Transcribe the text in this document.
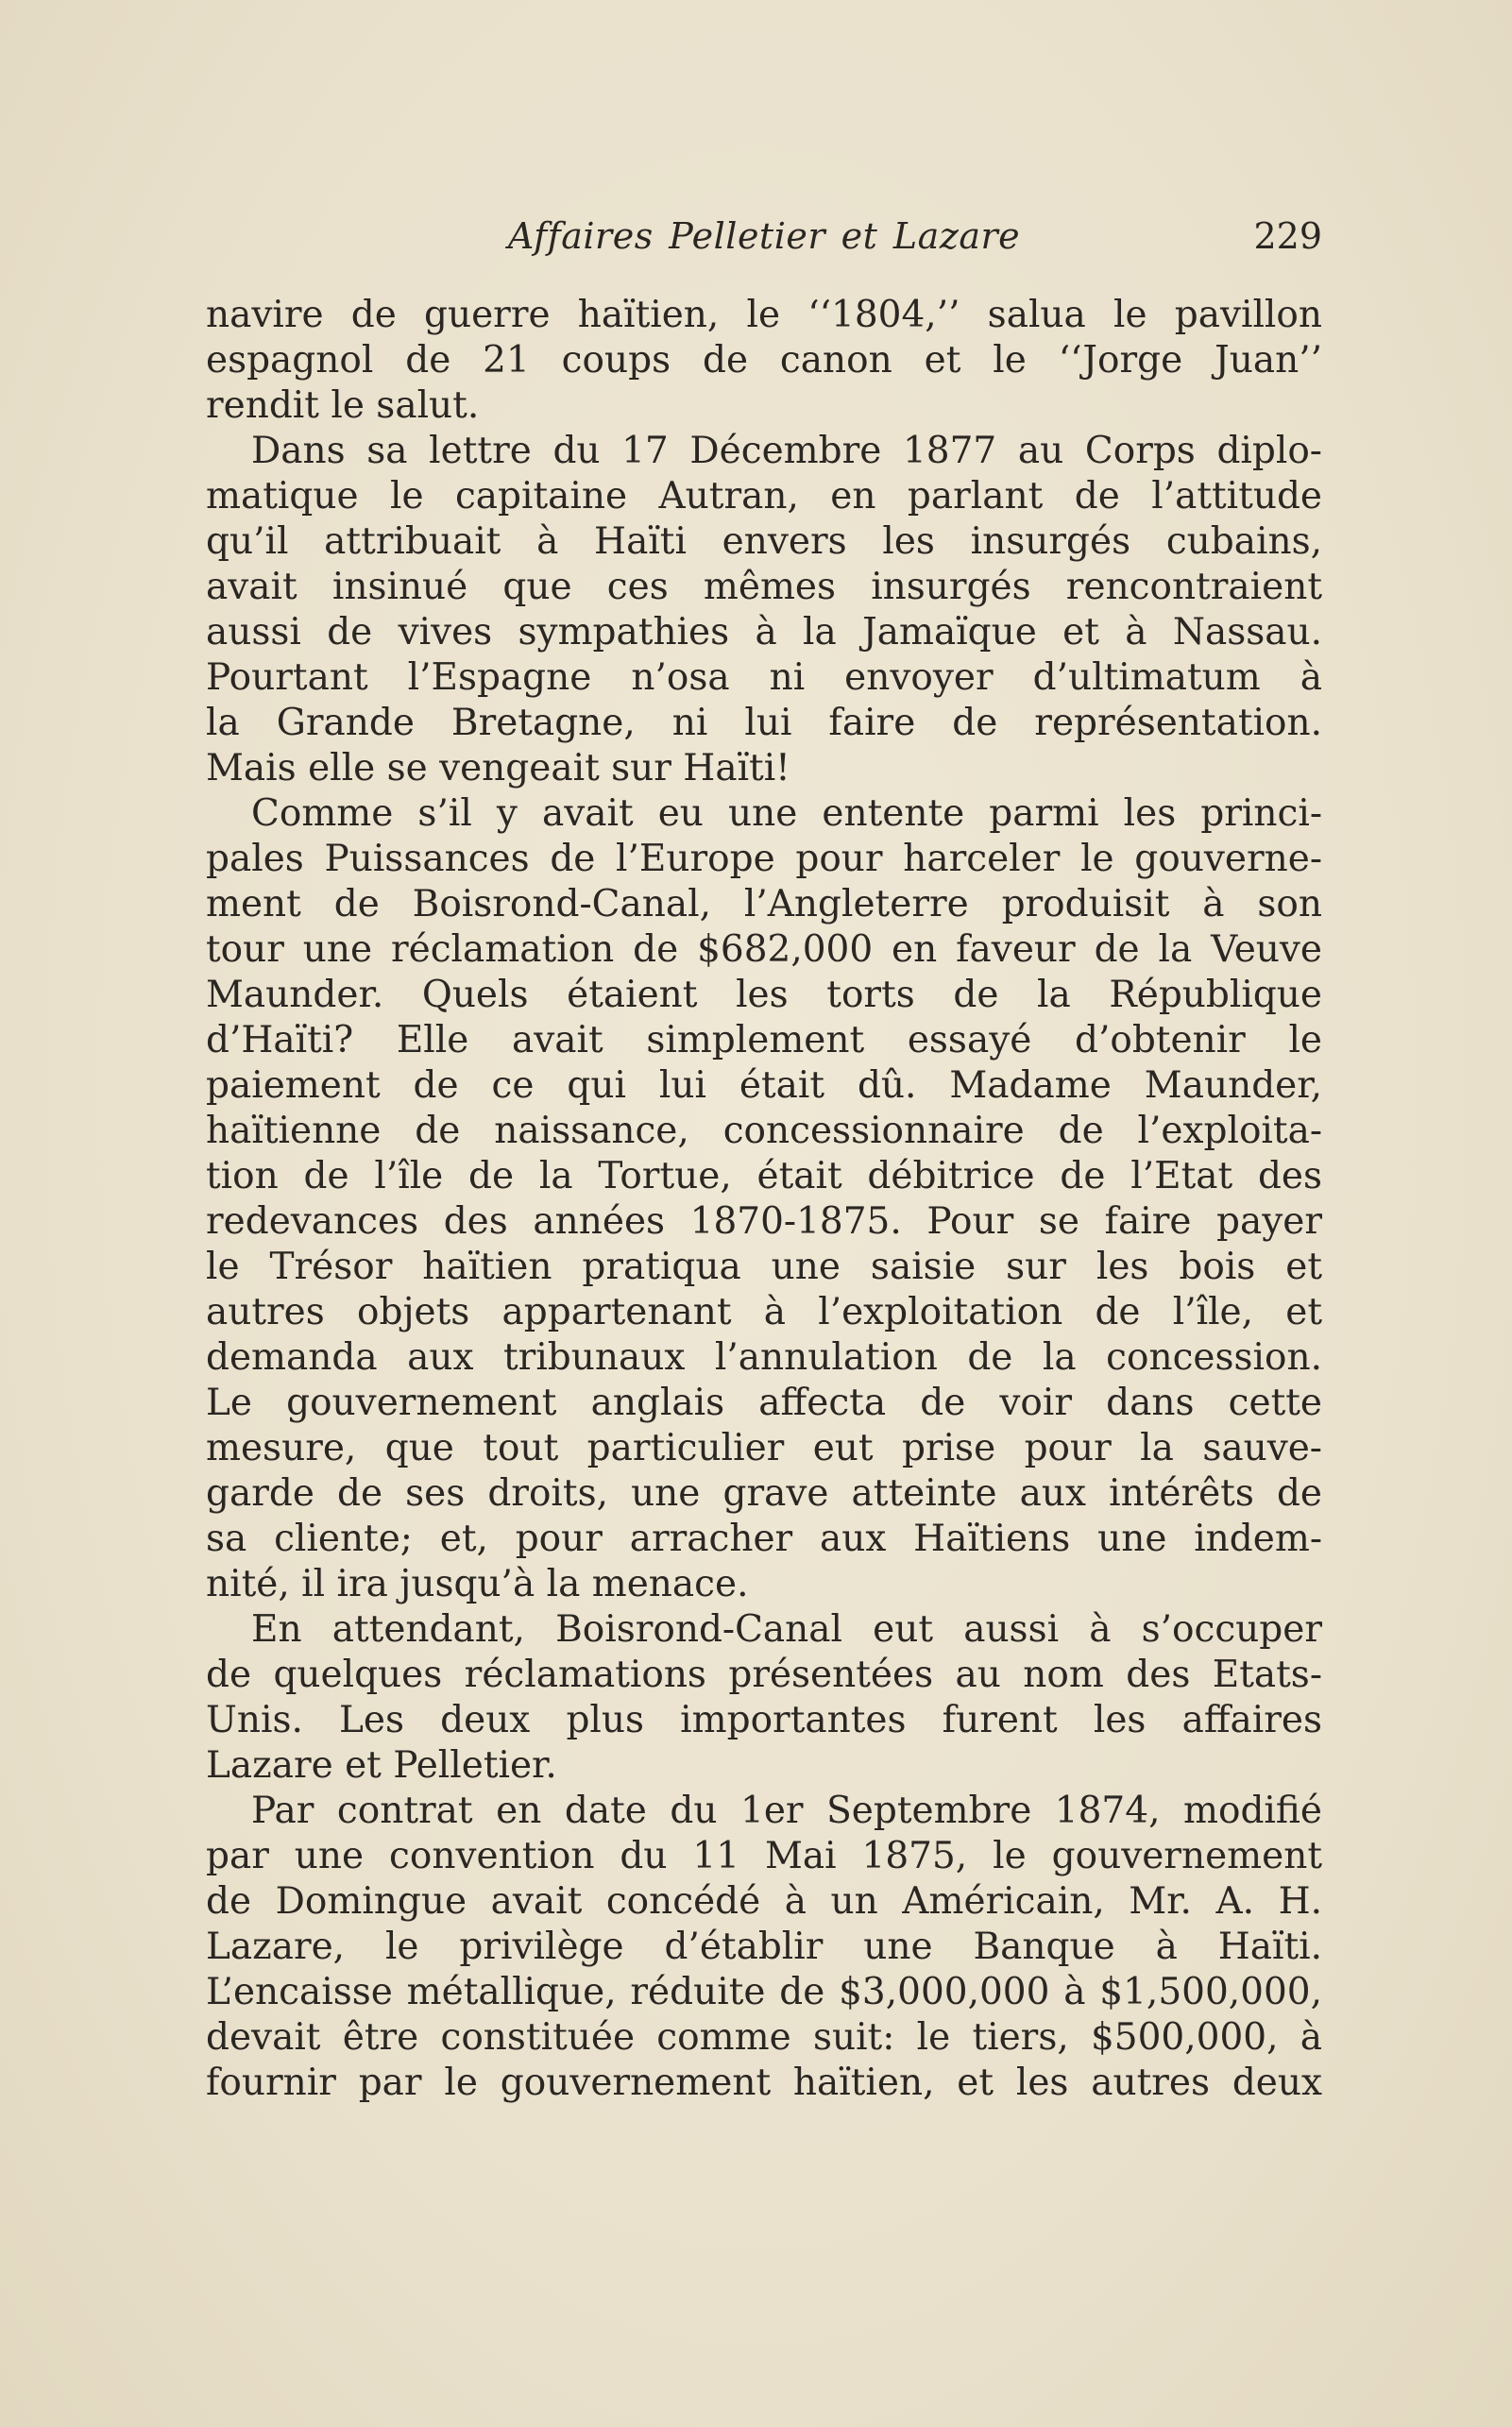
Affaires Pelletier et Lazare	229
navire de guerre haïtien, le ‘‘1804,’’ salua le pavillon
espagnol de 21 coups de canon et le ‘‘Jorge Juan’’
rendit le salut.
Dans sa lettre du 17 Décembre 1877 au Corps diplo-
matique le capitaine Autran, en parlant de l’attitude
qu’il attribuait à Haïti envers les insurgés cubains,
avait insinué que ces mêmes insurgés rencontraient
aussi de vives sympathies à la Jamaïque et à Nassau.
Pourtant l’Espagne n’osa ni envoyer d’ultimatum à
la Grande Bretagne, ni lui faire de représentation.
Mais elle se vengeait sur Haïti!
Comme s’il y avait eu une entente parmi les princi-
pales Puissances de l’Europe pour harceler le gouverne-
ment de Boisrond-Canal, l’Angleterre produisit à son
tour une réclamation de $682,000 en faveur de la Veuve
Maunder. Quels étaient les torts de la République
d’Haïti? Elle avait simplement essayé d’obtenir le
paiement de ce qui lui était dû. Madame Maunder,
haïtienne de naissance, concessionnaire de l’exploita-
tion de l’île de la Tortue, était débitrice de l’Etat des
redevances des années 1870-1875. Pour se faire payer
le Trésor haïtien pratiqua une saisie sur les bois et
autres objets appartenant à l’exploitation de l’île, et
demanda aux tribunaux l’annulation de la concession.
Le gouvernement anglais affecta de voir dans cette
mesure, que tout particulier eut prise pour la sauve-
garde de ses droits, une grave atteinte aux intérêts de
sa cliente; et, pour arracher aux Haïtiens une indem-
nité, il ira jusqu’à la menace.
En attendant, Boisrond-Canal eut aussi à s’occuper
de quelques réclamations présentées au nom des Etats-
Unis. Les deux plus importantes furent les affaires
Lazare et Pelletier.
Par contrat en date du 1er Septembre 1874, modifié
par une convention du 11 Mai 1875, le gouvernement
de Domingue avait concédé à un Américain, Mr. A. H.
Lazare, le privilège d’établir une Banque à Haïti.
L’encaisse métallique, réduite de $3,000,000 à $1,500,000,
devait être constituée comme suit: le tiers, $500,000, à
fournir par le gouvernement haïtien, et les autres deux
